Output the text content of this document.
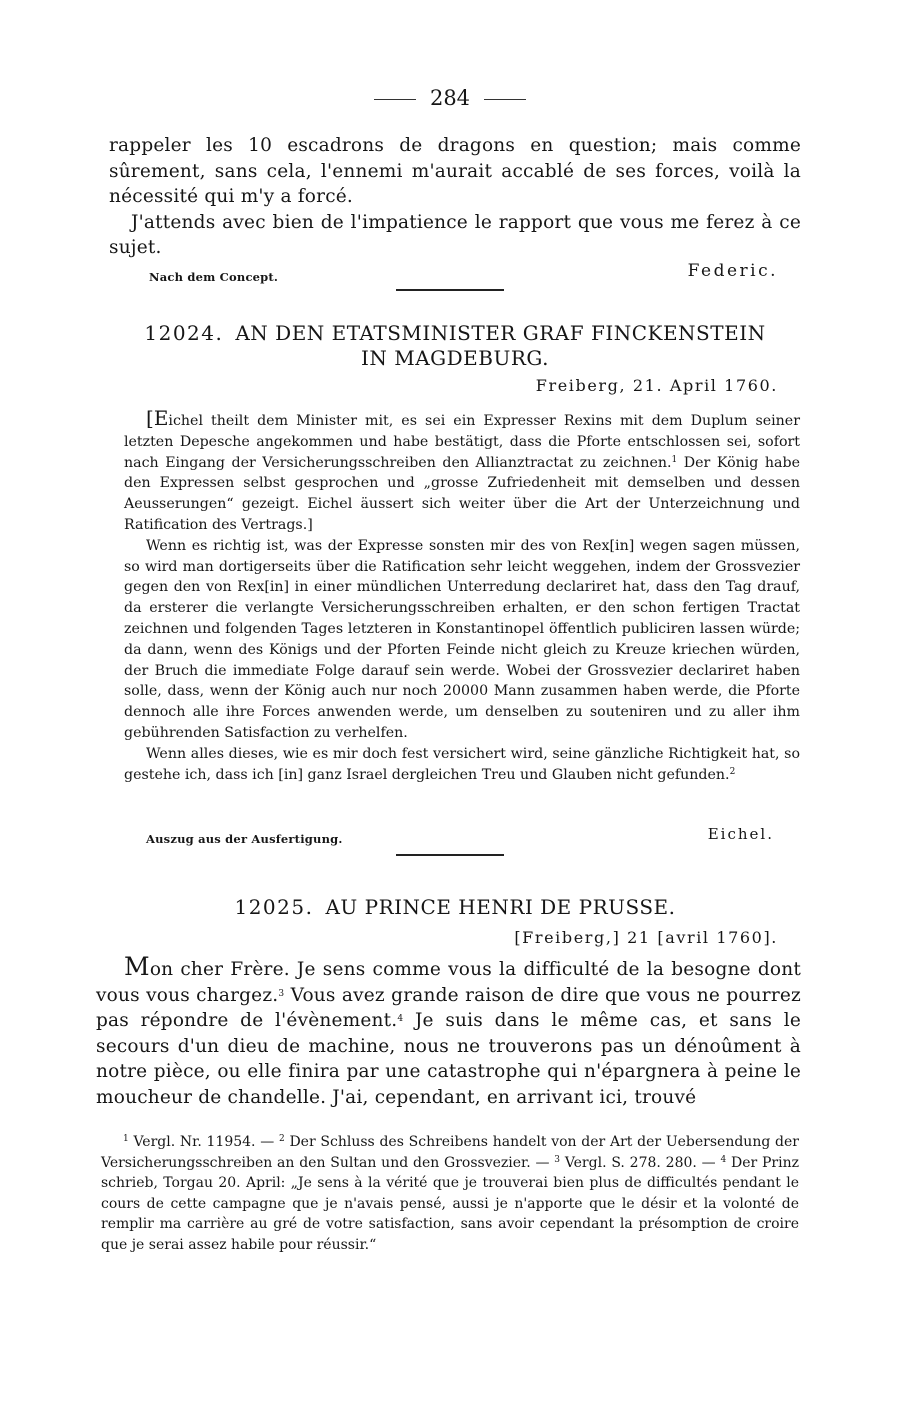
284

rappeler les 10 escadrons de dragons en question; mais comme sûrement, sans cela, l'ennemi m'aurait accablé de ses forces, voilà la nécessité qui m'y a forcé.

J'attends avec bien de l'impatience le rapport que vous me ferez à ce sujet.

Nach dem Concept.	Federic.
12024. AN DEN ETATSMINISTER GRAF FINCKENSTEIN
IN MAGDEBURG.
Freiberg, 21. April 1760.

[Eichel theilt dem Minister mit, es sei ein Expresser Rexins mit dem Duplum seiner letzten Depesche angekommen und habe bestätigt, dass die Pforte entschlossen sei, sofort nach Eingang der Versicherungsschreiben den Allianztractat zu zeichnen.$^1$ Der König habe den Expressen selbst gesprochen und „grosse Zufriedenheit mit demselben und dessen Aeusserungen“ gezeigt. Eichel äussert sich weiter über die Art der Unterzeichnung und Ratification des Vertrags.]

Wenn es richtig ist, was der Expresse sonsten mir des von Rex[in] wegen sagen müssen, so wird man dortigerseits über die Ratification sehr leicht weggehen, indem der Grossvezier gegen den von Rex[in] in einer mündlichen Unterredung declariret hat, dass den Tag drauf, da ersterer die verlangte Versicherungsschreiben erhalten, er den schon fertigen Tractat zeichnen und folgenden Tages letzteren in Konstantinopel öffentlich publiciren lassen würde; da dann, wenn des Königs und der Pforten Feinde nicht gleich zu Kreuze kriechen würden, der Bruch die immediate Folge darauf sein werde. Wobei der Grossvezier declariret haben solle, dass, wenn der König auch nur noch 20000 Mann zusammen haben werde, die Pforte dennoch alle ihre Forces anwenden werde, um denselben zu souteniren und zu aller ihm gebührenden Satisfaction zu verhelfen.

Wenn alles dieses, wie es mir doch fest versichert wird, seine gänzliche Richtigkeit hat, so gestehe ich, dass ich [in] ganz Israel dergleichen Treu und Glauben nicht gefunden.$^2$

Auszug aus der Ausfertigung.	Eichel.
12025. AU PRINCE HENRI DE PRUSSE.
[Freiberg,] 21 [avril 1760].

Mon cher Frère. Je sens comme vous la difficulté de la besogne dont vous vous chargez.$^3$ Vous avez grande raison de dire que vous ne pourrez pas répondre de l'évènement.$^4$ Je suis dans le même cas, et sans le secours d'un dieu de machine, nous ne trouverons pas un dénoûment à notre pièce, ou elle finira par une catastrophe qui n'épargnera à peine le moucheur de chandelle. J'ai, cependant, en arrivant ici, trouvé

$^1$ Vergl. Nr. 11954. — $^2$ Der Schluss des Schreibens handelt von der Art der Uebersendung der Versicherungsschreiben an den Sultan und den Grossvezier. — $^3$ Vergl. S. 278. 280. — $^4$ Der Prinz schrieb, Torgau 20. April: „Je sens à la vérité que je trouverai bien plus de difficultés pendant le cours de cette campagne que je n'avais pensé, aussi je n'apporte que le désir et la volonté de remplir ma carrière au gré de votre satisfaction, sans avoir cependant la présomption de croire que je serai assez habile pour réussir.“
